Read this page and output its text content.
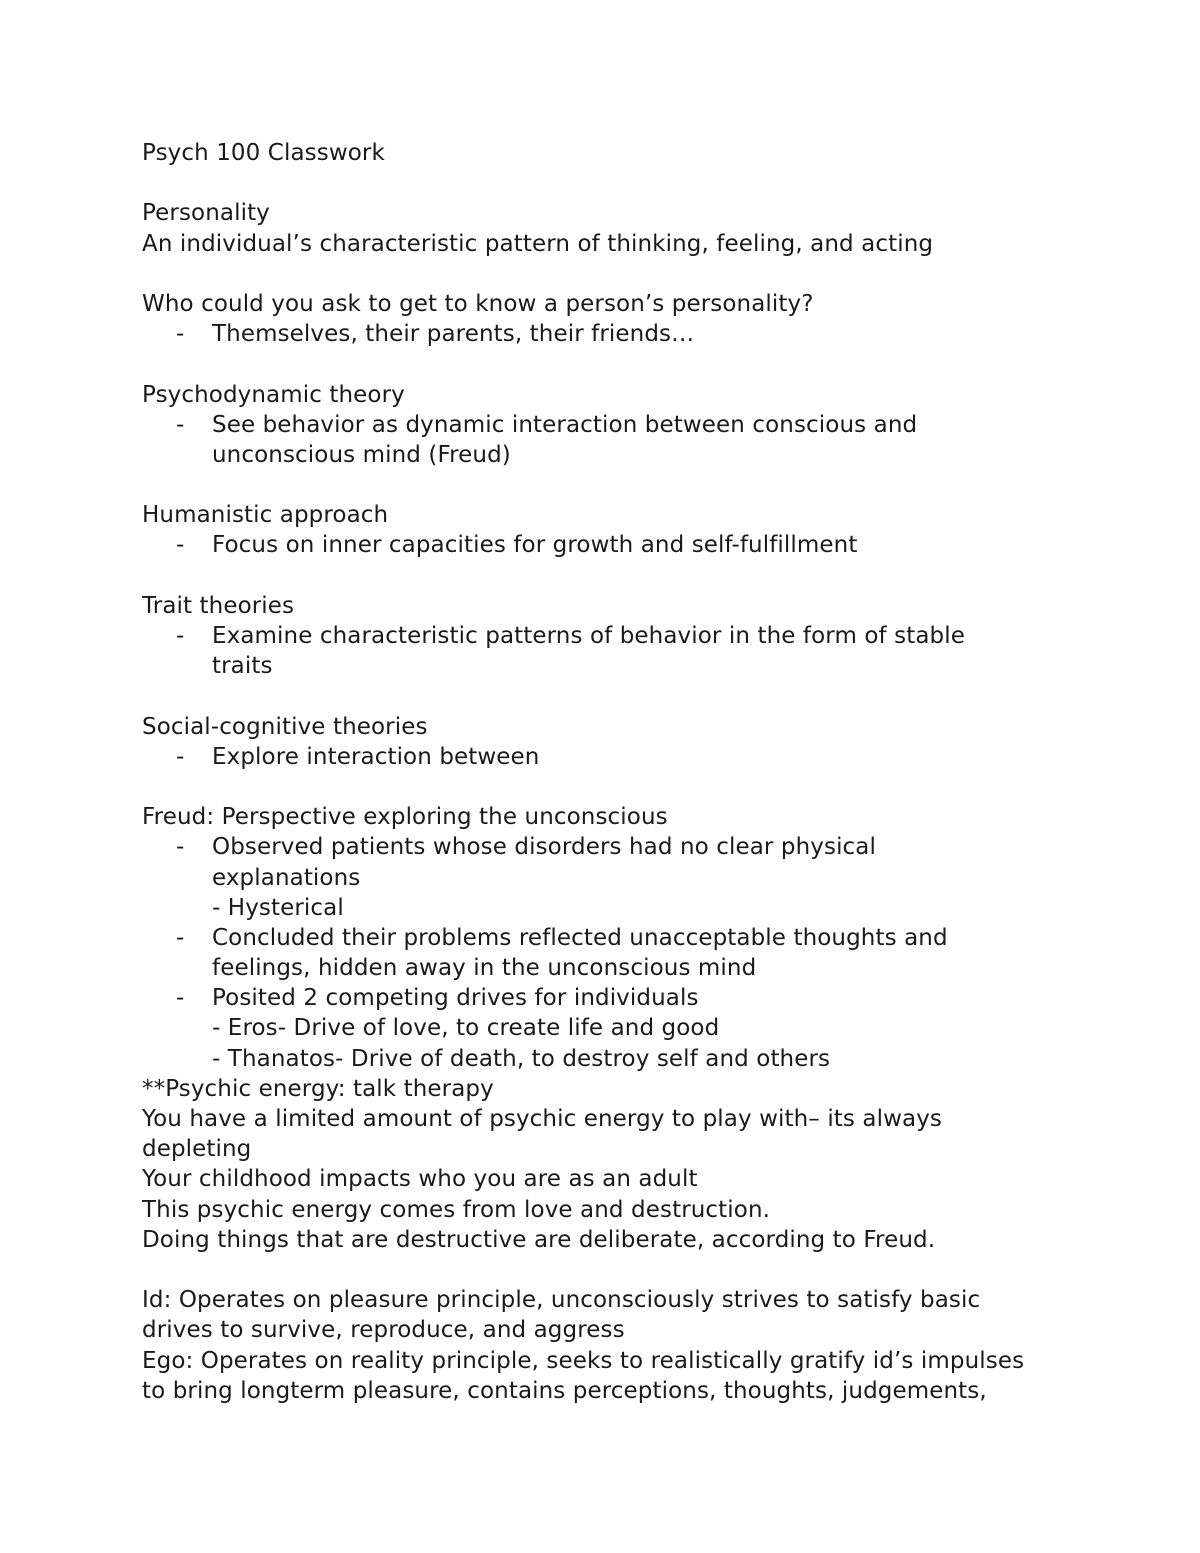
Psych 100 Classwork
Personality
An individual’s characteristic pattern of thinking, feeling, and acting
Who could you ask to get to know a person’s personality?
- Themselves, their parents, their friends…
Psychodynamic theory
- See behavior as dynamic interaction between conscious and
unconscious mind (Freud)
Humanistic approach
- Focus on inner capacities for growth and self-fulfillment
Trait theories
- Examine characteristic patterns of behavior in the form of stable
traits
Social-cognitive theories
- Explore interaction between
Freud: Perspective exploring the unconscious
- Observed patients whose disorders had no clear physical
explanations
- Hysterical
- Concluded their problems reflected unacceptable thoughts and
feelings, hidden away in the unconscious mind
- Posited 2 competing drives for individuals
- Eros- Drive of love, to create life and good
- Thanatos- Drive of death, to destroy self and others
**Psychic energy: talk therapy
You have a limited amount of psychic energy to play with– its always
depleting
Your childhood impacts who you are as an adult
This psychic energy comes from love and destruction.
Doing things that are destructive are deliberate, according to Freud.
Id: Operates on pleasure principle, unconsciously strives to satisfy basic
drives to survive, reproduce, and aggress
Ego: Operates on reality principle, seeks to realistically gratify id’s impulses
to bring longterm pleasure, contains perceptions, thoughts, judgements,
